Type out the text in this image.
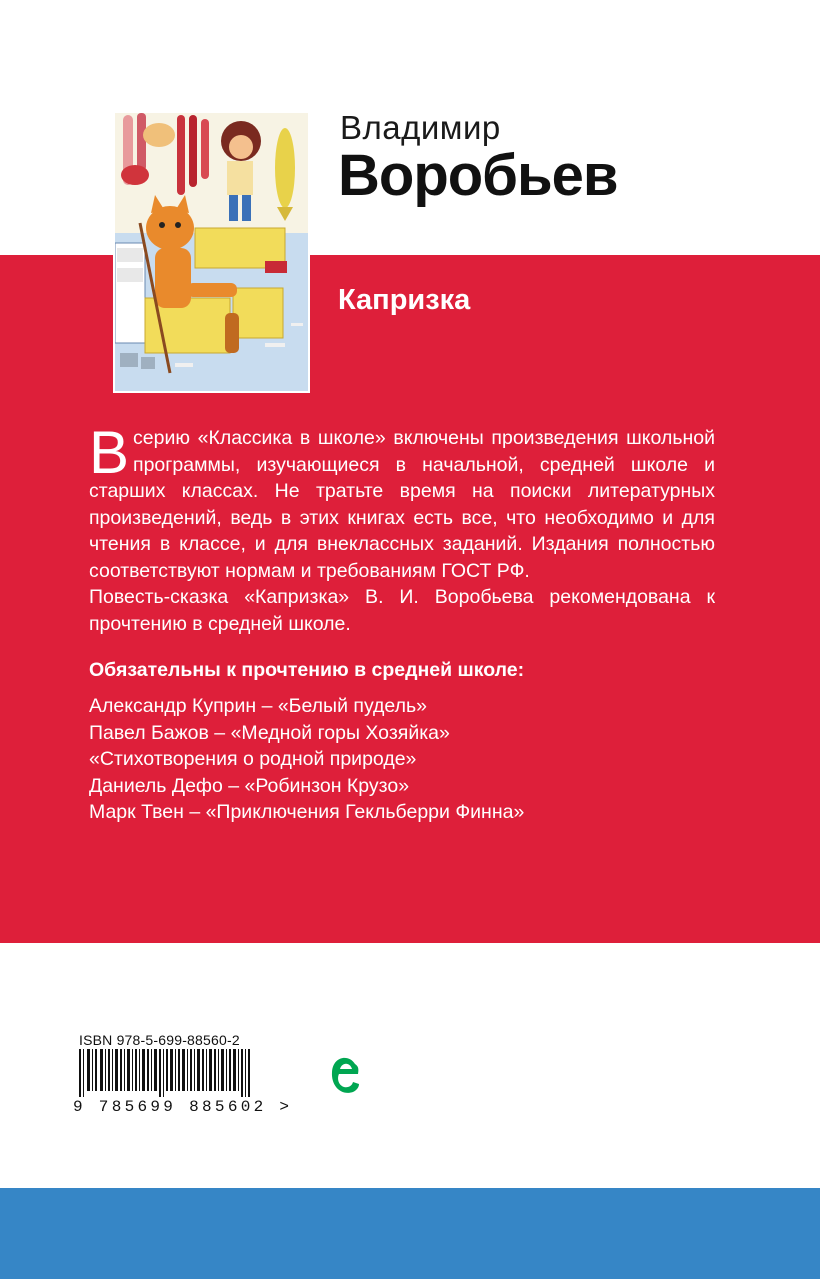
Владимир
Воробьев
Капризка
В серию «Классика в школе» включены произведения школьной программы, изучающиеся в начальной, средней школе и старших классах. Не тратьте время на поиски литературных произведений, ведь в этих книгах есть все, что необходимо и для чтения в классе, и для внеклассных заданий. Издания полностью соответствуют нормам и требованиям ГОСТ РФ.

Повесть-сказка «Капризка» В. И. Воробьева рекомендована к прочтению в средней школе.

Обязательны к прочтению в средней школе:
Александр Куприн – «Белый пудель»
Павел Бажов – «Медной горы Хозяйка»
«Стихотворения о родной природе»
Даниель Дефо – «Робинзон Крузо»
Марк Твен – «Приключения Гекльберри Финна»
ISBN 978-5-699-88560-2
9 785699 885602 >
